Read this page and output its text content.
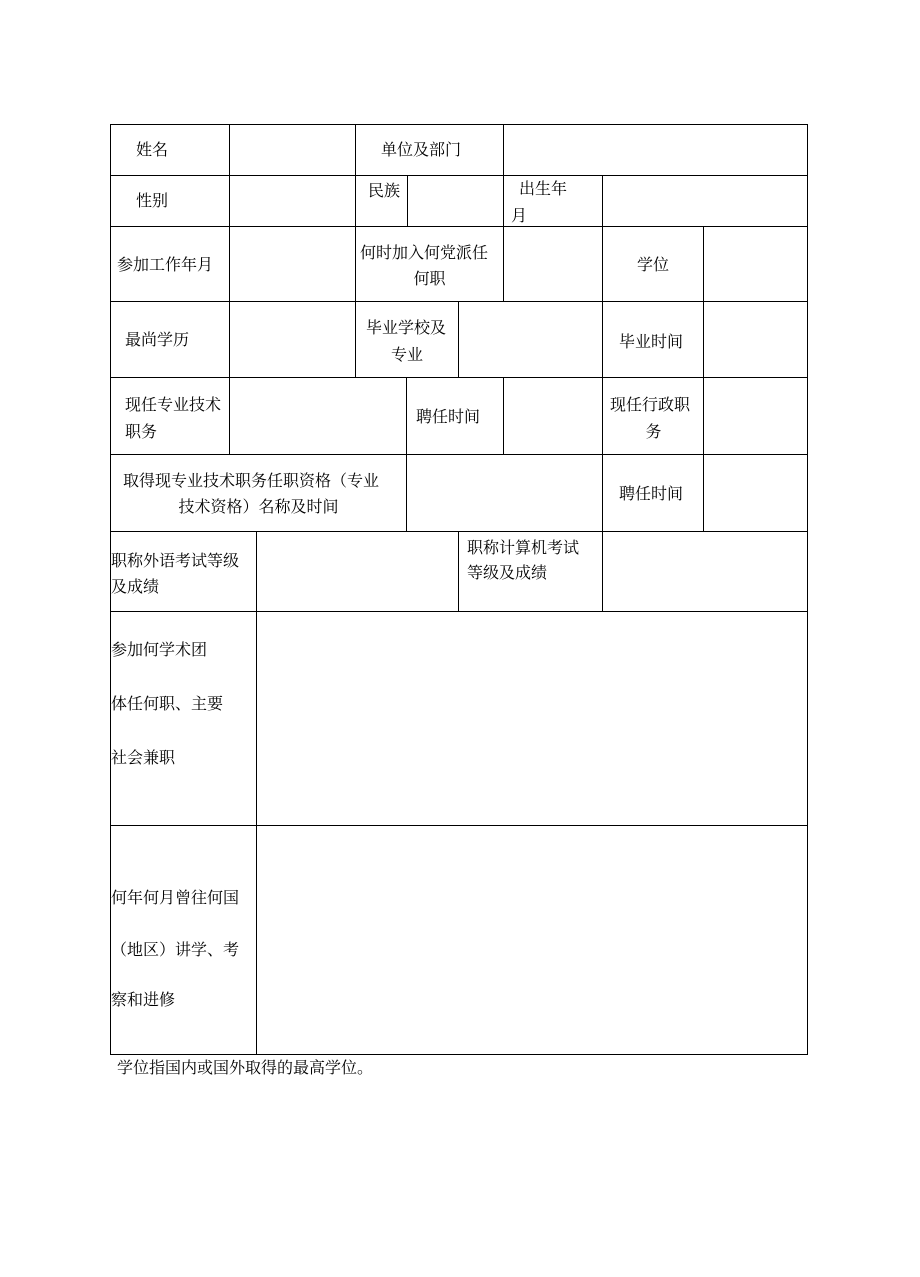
姓名	单位及部门
性别
民族	出生年
月
参加工作年月
何时加入何党派任
何职
学位
最尚学历
毕业学校及
专业
毕业时间
现任专业技术
职务
聘任时间
现任行政职
务
取得现专业技术职务任职资格（专业
技术资格）名称及时间
聘任时间
职称外语考试等级
及成绩
职称计算机考试
等级及成绩
参加何学术团
体任何职、主要
社会兼职
何年何月曾往何国
（地区）讲学、考
察和进修
学位指国内或国外取得的最高学位。
